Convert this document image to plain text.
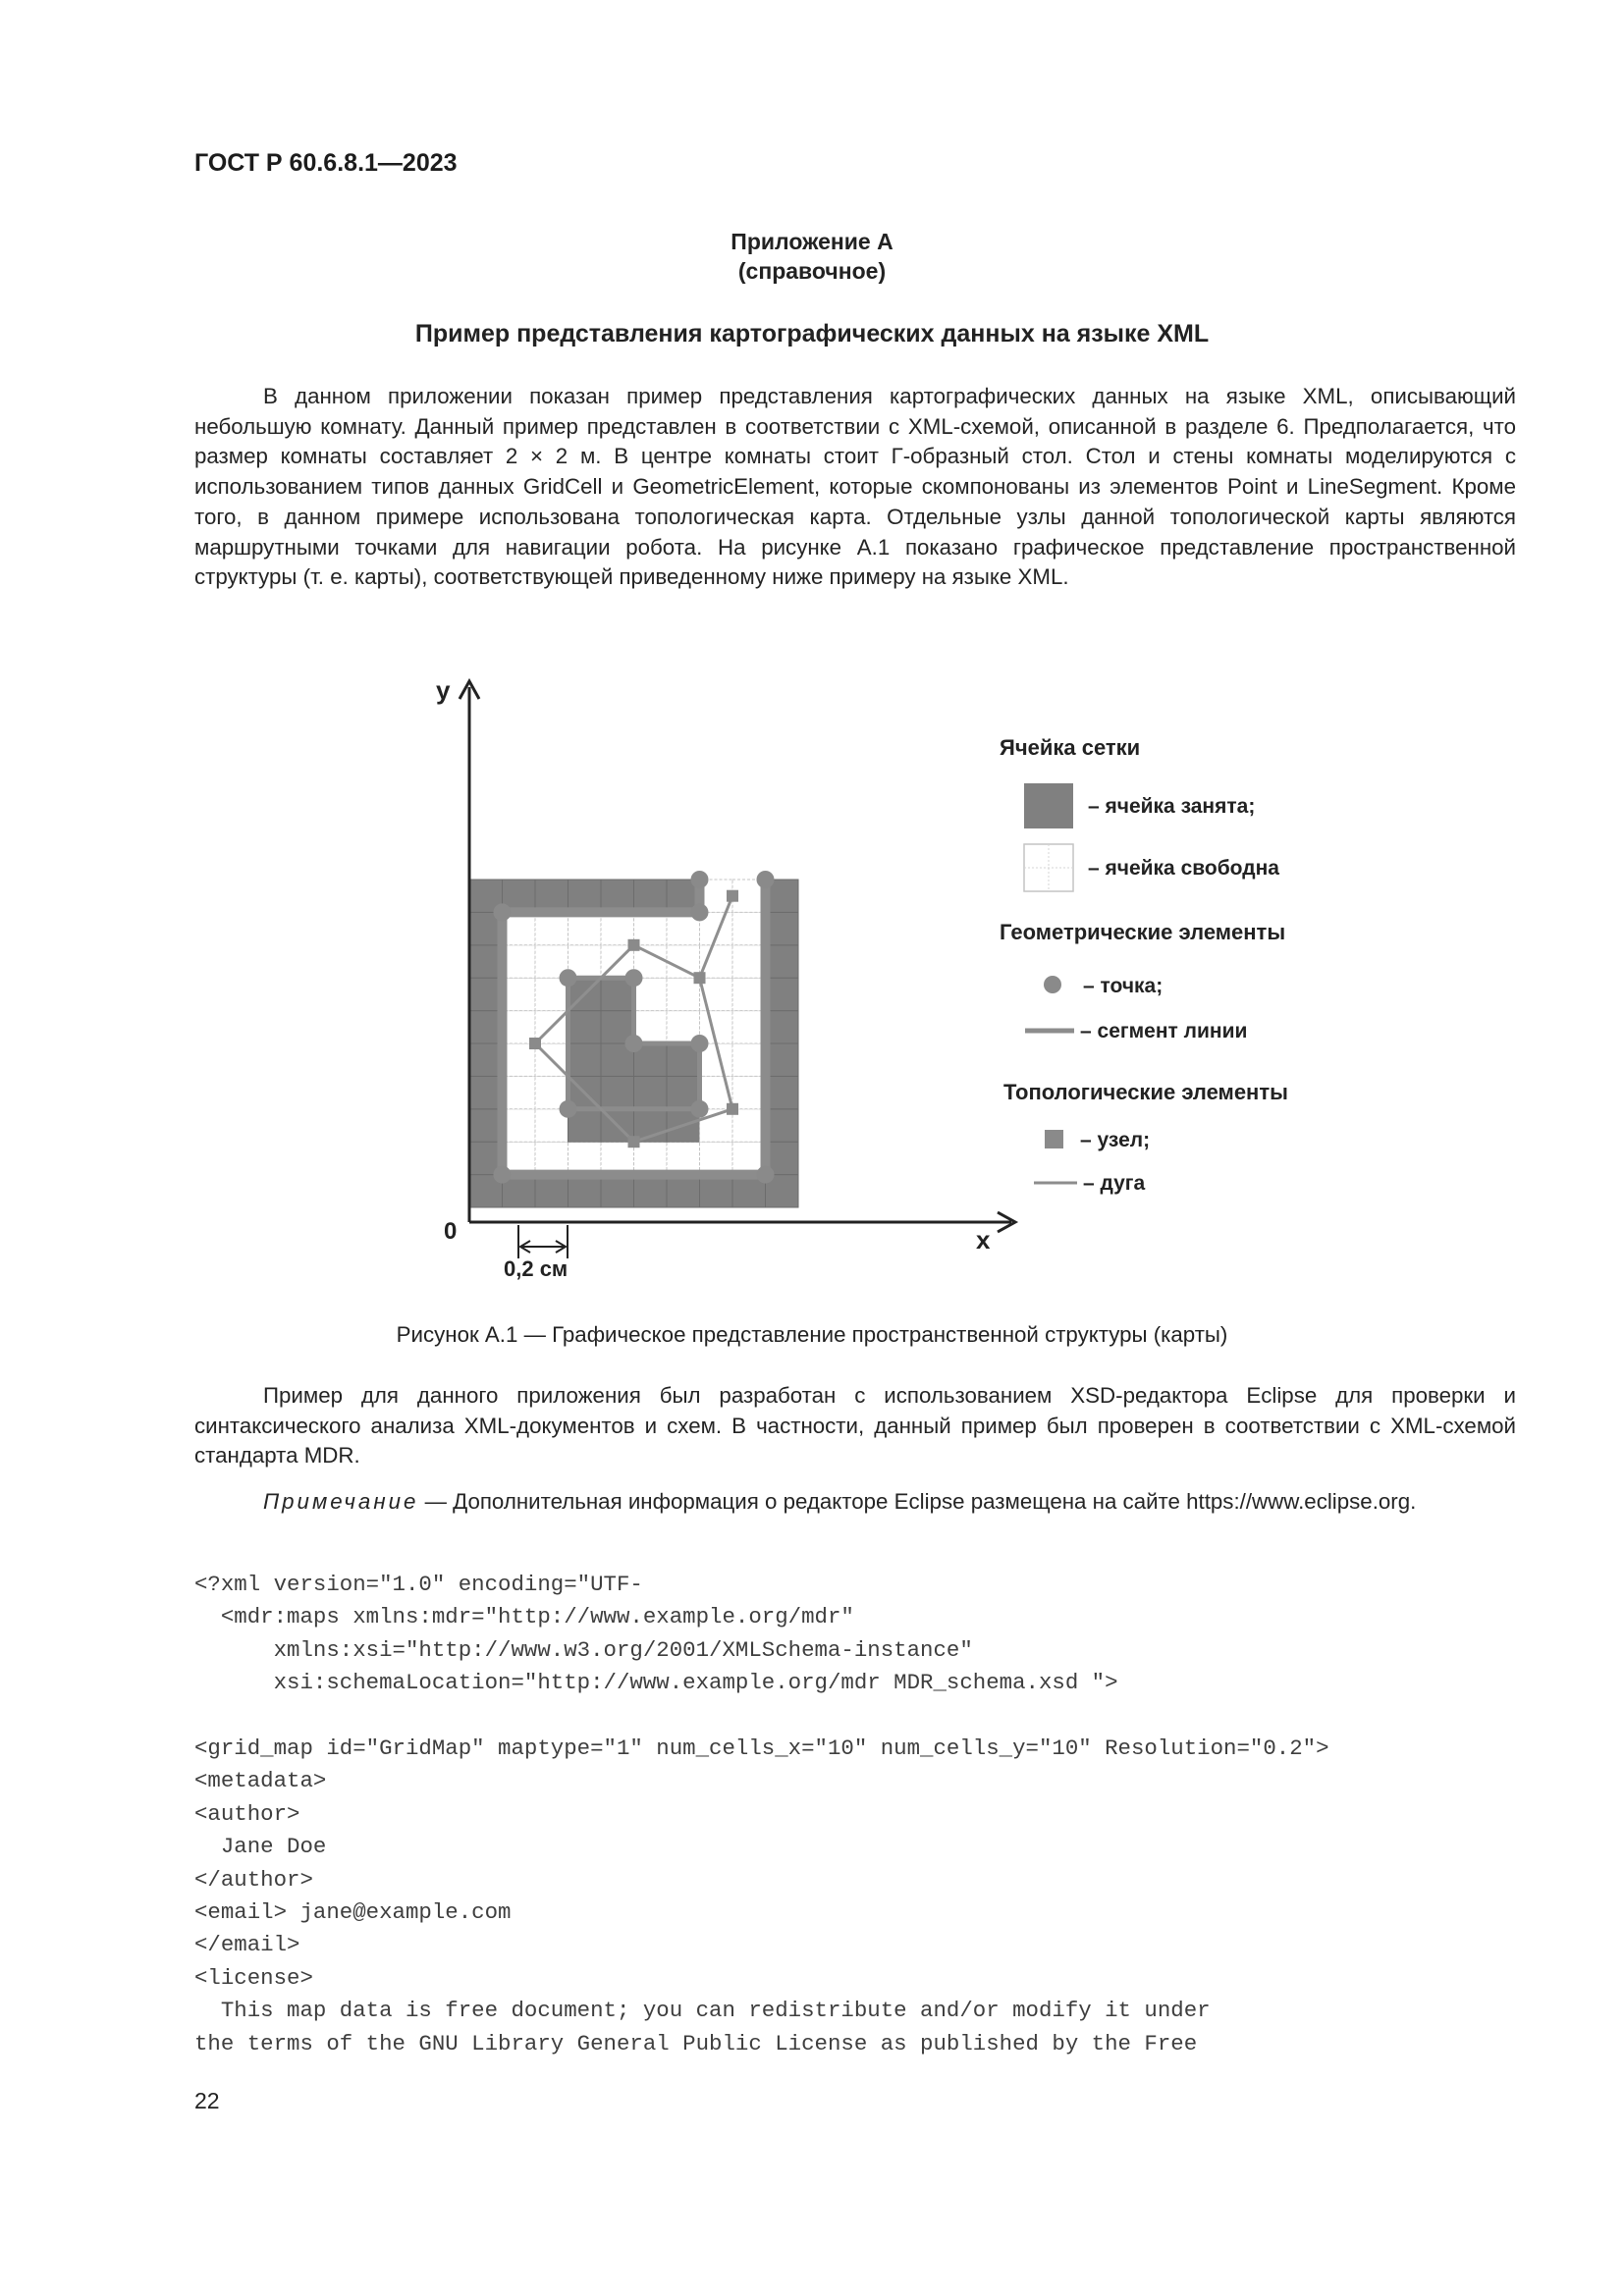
ГОСТ Р 60.6.8.1—2023
Приложение А
(справочное)
Пример представления картографических данных на языке XML

В данном приложении показан пример представления картографических данных на языке XML, описывающий небольшую комнату. Данный пример представлен в соответствии с XML-схемой, описанной в разделе 6. Предполагается, что размер комнаты составляет 2 × 2 м. В центре комнаты стоит Г-образный стол. Стол и стены комнаты моделируются с использованием типов данных GridCell и GeometricElement, которые скомпонованы из элементов Point и LineSegment. Кроме того, в данном примере использована топологическая карта. Отдельные узлы данной топологической карты являются маршрутными точками для навигации робота. На рисунке А.1 показано графическое представление пространственной структуры (т. е. карты), соответствующей приведенному ниже примеру на языке XML.

y
x
0
0,2 см
Ячейка сетки
– ячейка занята;
– ячейка свободна
Геометрические элементы
– точка;
– сегмент линии
Топологические элементы
– узел;
– дуга
Рисунок А.1 — Графическое представление пространственной структуры (карты)

Пример для данного приложения был разработан с использованием XSD-редактора Eclipse для проверки и синтаксического анализа XML-документов и схем. В частности, данный пример был проверен в соответствии с XML-схемой стандарта MDR.

Примечание — Дополнительная информация о редакторе Eclipse размещена на сайте https://www.eclipse.org.

<?xml version="1.0" encoding="UTF-
<mdr:maps xmlns:mdr="http://www.example.org/mdr"
xmlns:xsi="http://www.w3.org/2001/XMLSchema-instance"
xsi:schemaLocation="http://www.example.org/mdr MDR_schema.xsd ">

<grid_map id="GridMap" maptype="1" num_cells_x="10" num_cells_y="10" Resolution="0.2">
<metadata>
<author>
Jane Doe
</author>
<email> jane@example.com
</email>
<license>
This map data is free document; you can redistribute and/or modify it under
the terms of the GNU Library General Public License as published by the Free
22
